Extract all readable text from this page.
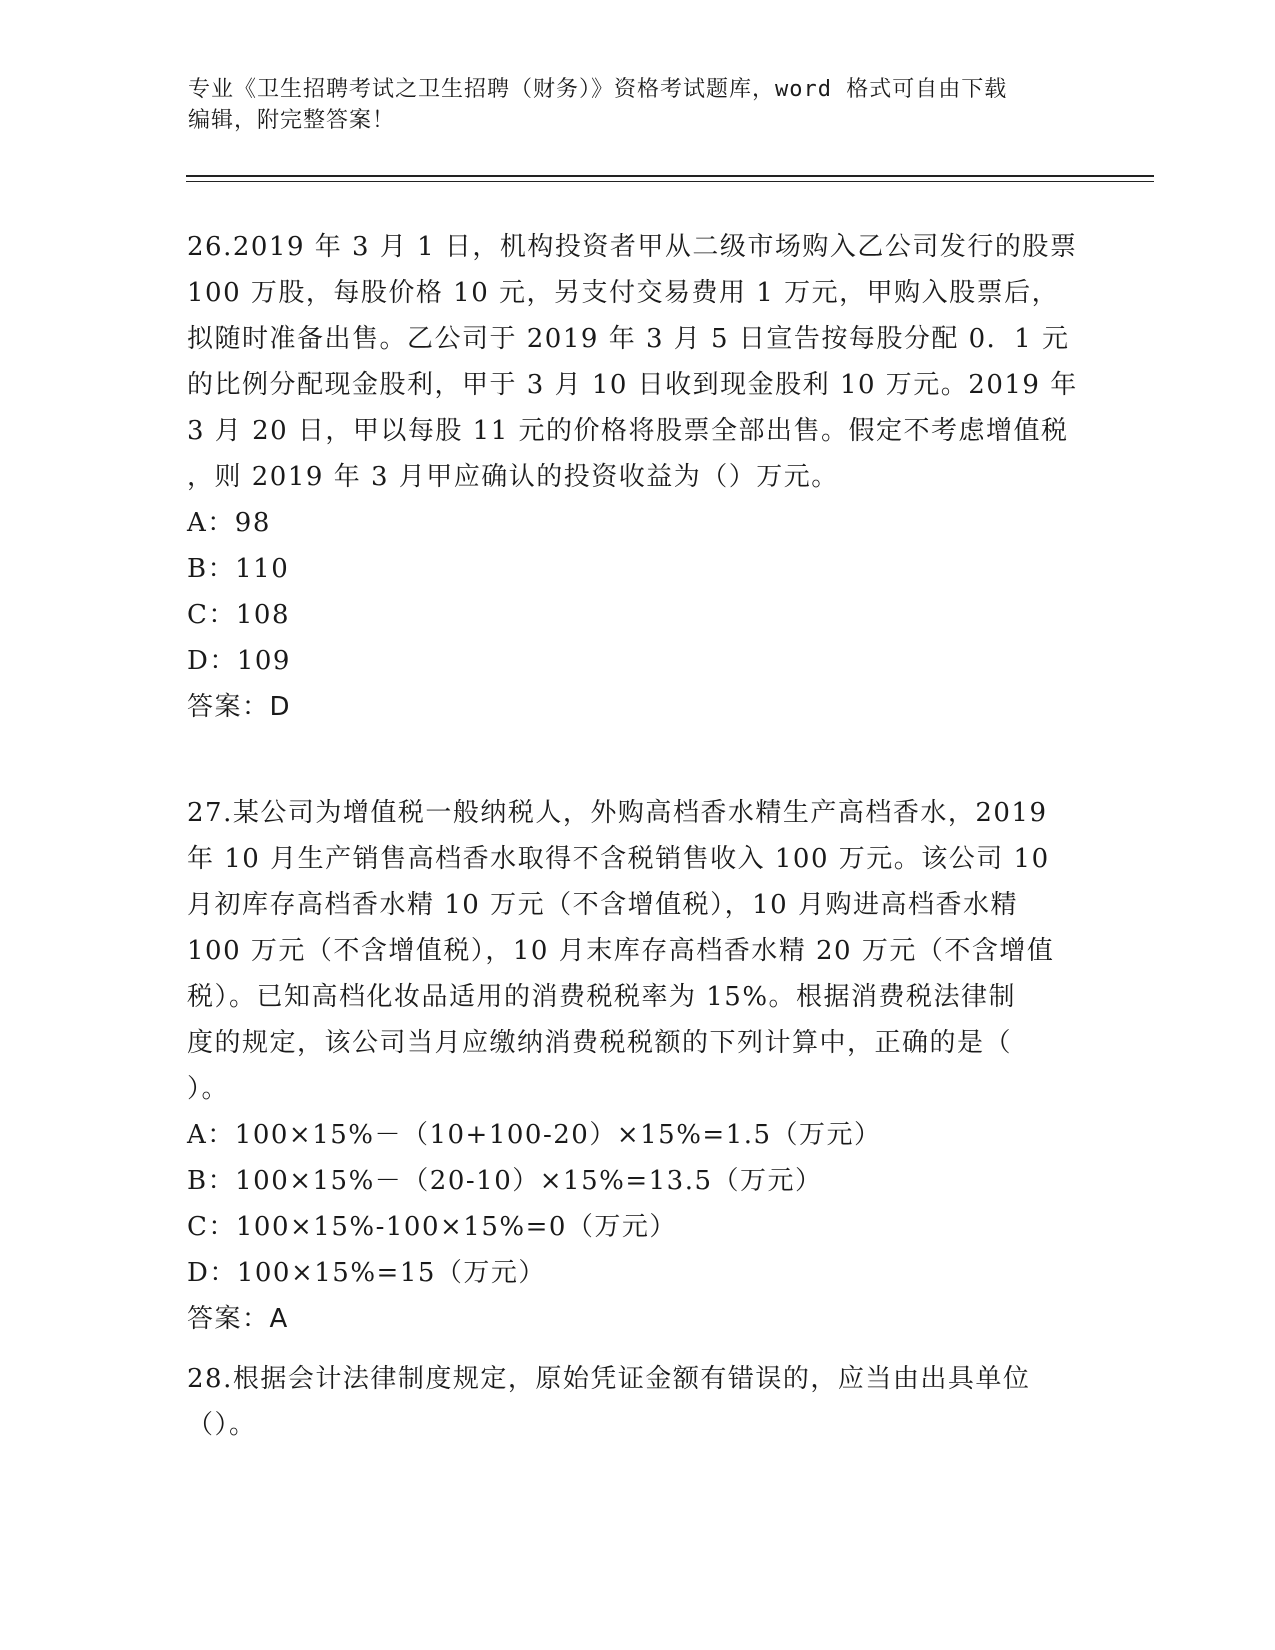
专业《卫生招聘考试之卫生招聘（财务）》资格考试题库，word 格式可自由下载
编辑，附完整答案！
26.2019 年 3 月 1 日，机构投资者甲从二级市场购入乙公司发行的股票
100 万股，每股价格 10 元，另支付交易费用 1 万元，甲购入股票后，
拟随时准备出售。乙公司于 2019 年 3 月 5 日宣告按每股分配 0．1 元
的比例分配现金股利，甲于 3 月 10 日收到现金股利 10 万元。2019 年
3 月 20 日，甲以每股 11 元的价格将股票全部出售。假定不考虑增值税
，则 2019 年 3 月甲应确认的投资收益为（）万元。
A：98
B：110
C：108
D：109
答案：D
27.某公司为增值税一般纳税人，外购高档香水精生产高档香水，2019
年 10 月生产销售高档香水取得不含税销售收入 100 万元。该公司 10
月初库存高档香水精 10 万元（不含增值税），10 月购进高档香水精
100 万元（不含增值税），10 月末库存高档香水精 20 万元（不含增值
税）。已知高档化妆品适用的消费税税率为 15%。根据消费税法律制
度的规定，该公司当月应缴纳消费税税额的下列计算中，正确的是（
）。
A：100×15%－（10+100-20）×15%=1.5（万元）
B：100×15%－（20-10）×15%=13.5（万元）
C：100×15%-100×15%=0（万元）
D：100×15%=15（万元）
答案：A
28.根据会计法律制度规定，原始凭证金额有错误的，应当由出具单位
（）。
